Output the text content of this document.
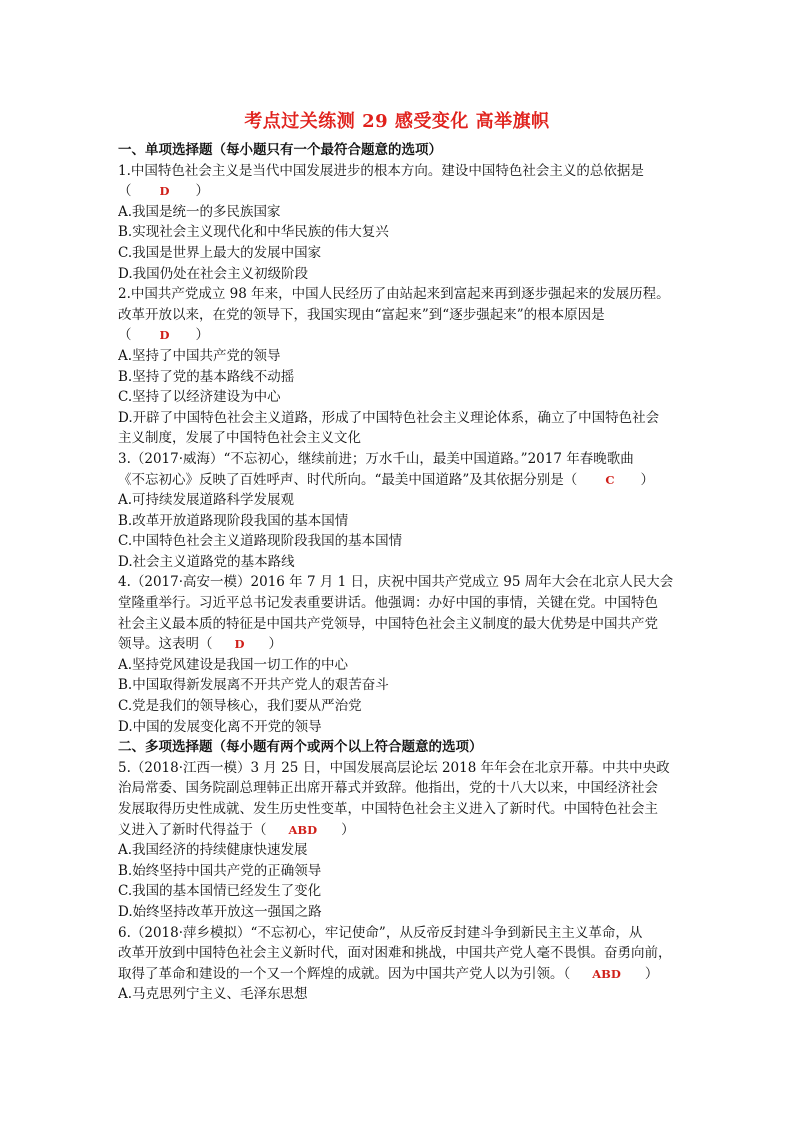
考点过关练测 29 感受变化 高举旗帜
一、单项选择题（每小题只有一个最符合题意的选项）
1.中国特色社会主义是当代中国发展进步的根本方向。建设中国特色社会主义的总依据是
（ D ）
A.我国是统一的多民族国家
B.实现社会主义现代化和中华民族的伟大复兴
C.我国是世界上最大的发展中国家
D.我国仍处在社会主义初级阶段
2.中国共产党成立 98 年来，中国人民经历了由站起来到富起来再到逐步强起来的发展历程。
改革开放以来，在党的领导下，我国实现由“富起来”到“逐步强起来”的根本原因是
（ D ）
A.坚持了中国共产党的领导
B.坚持了党的基本路线不动摇
C.坚持了以经济建设为中心
D.开辟了中国特色社会主义道路，形成了中国特色社会主义理论体系，确立了中国特色社会
主义制度，发展了中国特色社会主义文化
3.（2017·威海）“不忘初心，继续前进；万水千山，最美中国道路。”2017 年春晚歌曲
《不忘初心》反映了百姓呼声、时代所向。“最美中国道路”及其依据分别是（ C ）
A.可持续发展道路科学发展观
B.改革开放道路现阶段我国的基本国情
C.中国特色社会主义道路现阶段我国的基本国情
D.社会主义道路党的基本路线
4.（2017·高安一模）2016 年 7 月 1 日，庆祝中国共产党成立 95 周年大会在北京人民大会
堂隆重举行。习近平总书记发表重要讲话。他强调：办好中国的事情，关键在党。中国特色
社会主义最本质的特征是中国共产党领导，中国特色社会主义制度的最大优势是中国共产党
领导。这表明（ D ）
A.坚持党风建设是我国一切工作的中心
B.中国取得新发展离不开共产党人的艰苦奋斗
C.党是我们的领导核心，我们要从严治党
D.中国的发展变化离不开党的领导
二、多项选择题（每小题有两个或两个以上符合题意的选项）
5.（2018·江西一模）3 月 25 日，中国发展高层论坛 2018 年年会在北京开幕。中共中央政
治局常委、国务院副总理韩正出席开幕式并致辞。他指出，党的十八大以来，中国经济社会
发展取得历史性成就、发生历史性变革，中国特色社会主义进入了新时代。中国特色社会主
义进入了新时代得益于（ ABD ）
A.我国经济的持续健康快速发展
B.始终坚持中国共产党的正确领导
C.我国的基本国情已经发生了变化
D.始终坚持改革开放这一强国之路
6.（2018·萍乡模拟）“不忘初心，牢记使命”，从反帝反封建斗争到新民主主义革命，从
改革开放到中国特色社会主义新时代，面对困难和挑战，中国共产党人毫不畏惧。奋勇向前，
取得了革命和建设的一个又一个辉煌的成就。因为中国共产党人以为引领。（ ABD ）
A.马克思列宁主义、毛泽东思想
